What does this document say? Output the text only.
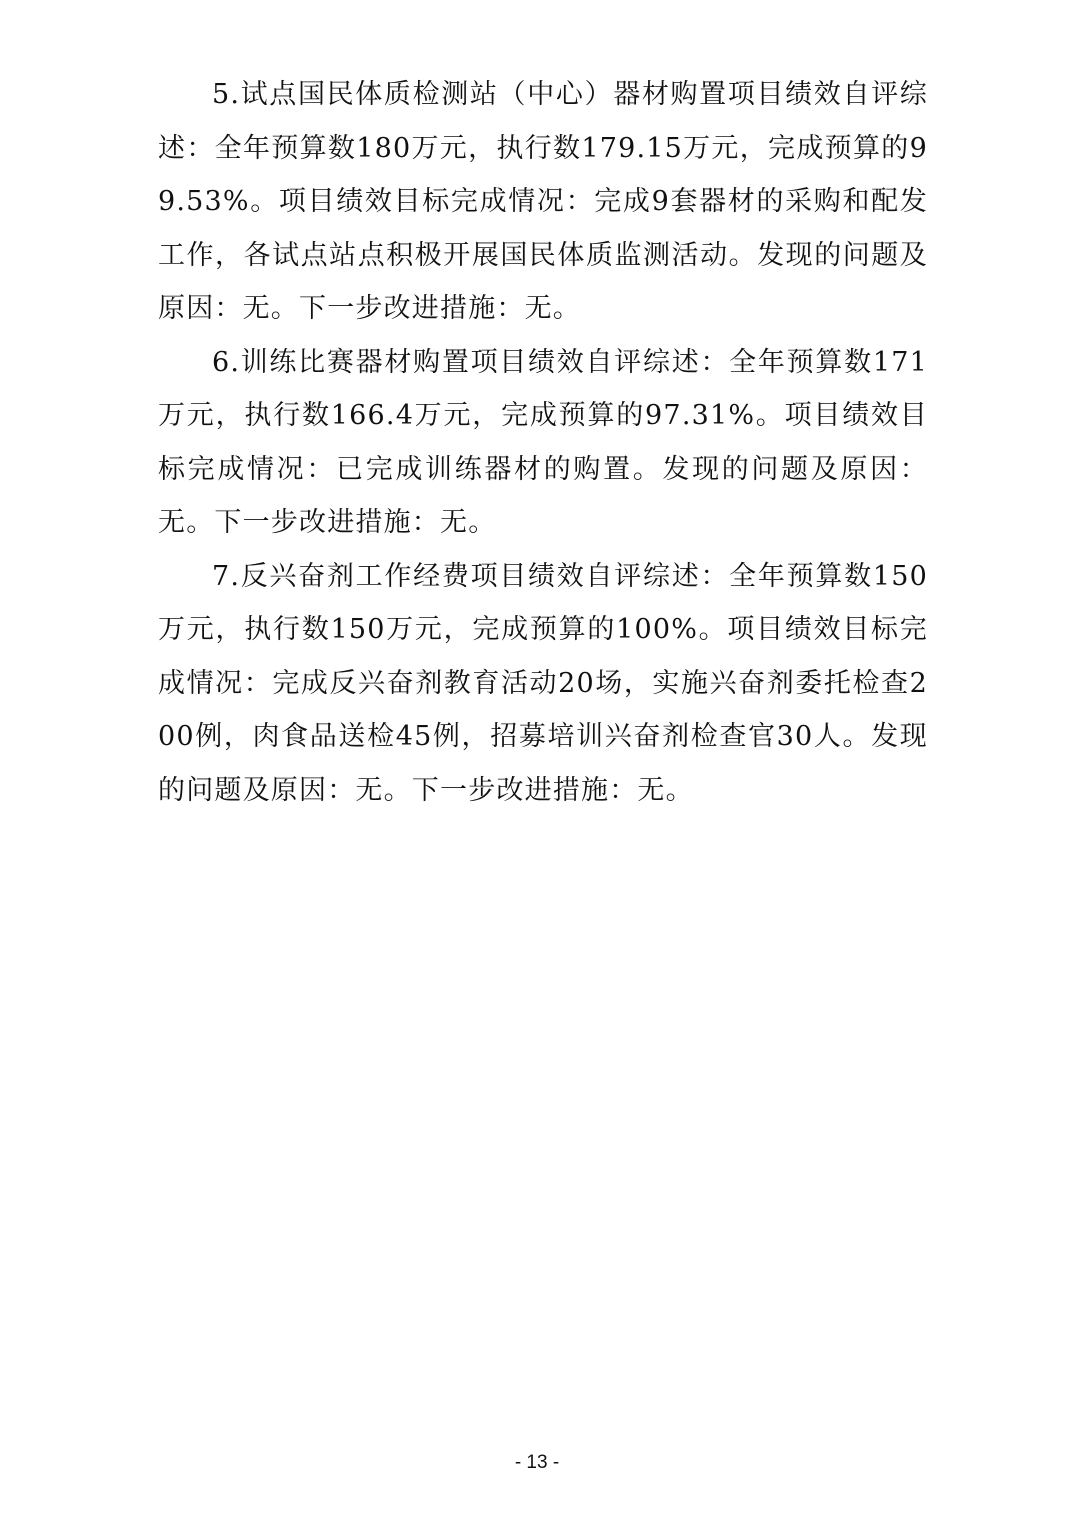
5.试点国民体质检测站（中心）器材购置项目绩效自评综述：全年预算数180万元，执行数179.15万元，完成预算的99.53%。项目绩效目标完成情况：完成9套器材的采购和配发工作，各试点站点积极开展国民体质监测活动。发现的问题及原因：无。下一步改进措施：无。

6.训练比赛器材购置项目绩效自评综述：全年预算数171万元，执行数166.4万元，完成预算的97.31%。项目绩效目标完成情况：已完成训练器材的购置。发现的问题及原因：无。下一步改进措施：无。

7.反兴奋剂工作经费项目绩效自评综述：全年预算数150万元，执行数150万元，完成预算的100%。项目绩效目标完成情况：完成反兴奋剂教育活动20场，实施兴奋剂委托检查200例，肉食品送检45例，招募培训兴奋剂检查官30人。发现的问题及原因：无。下一步改进措施：无。

- 13 -
